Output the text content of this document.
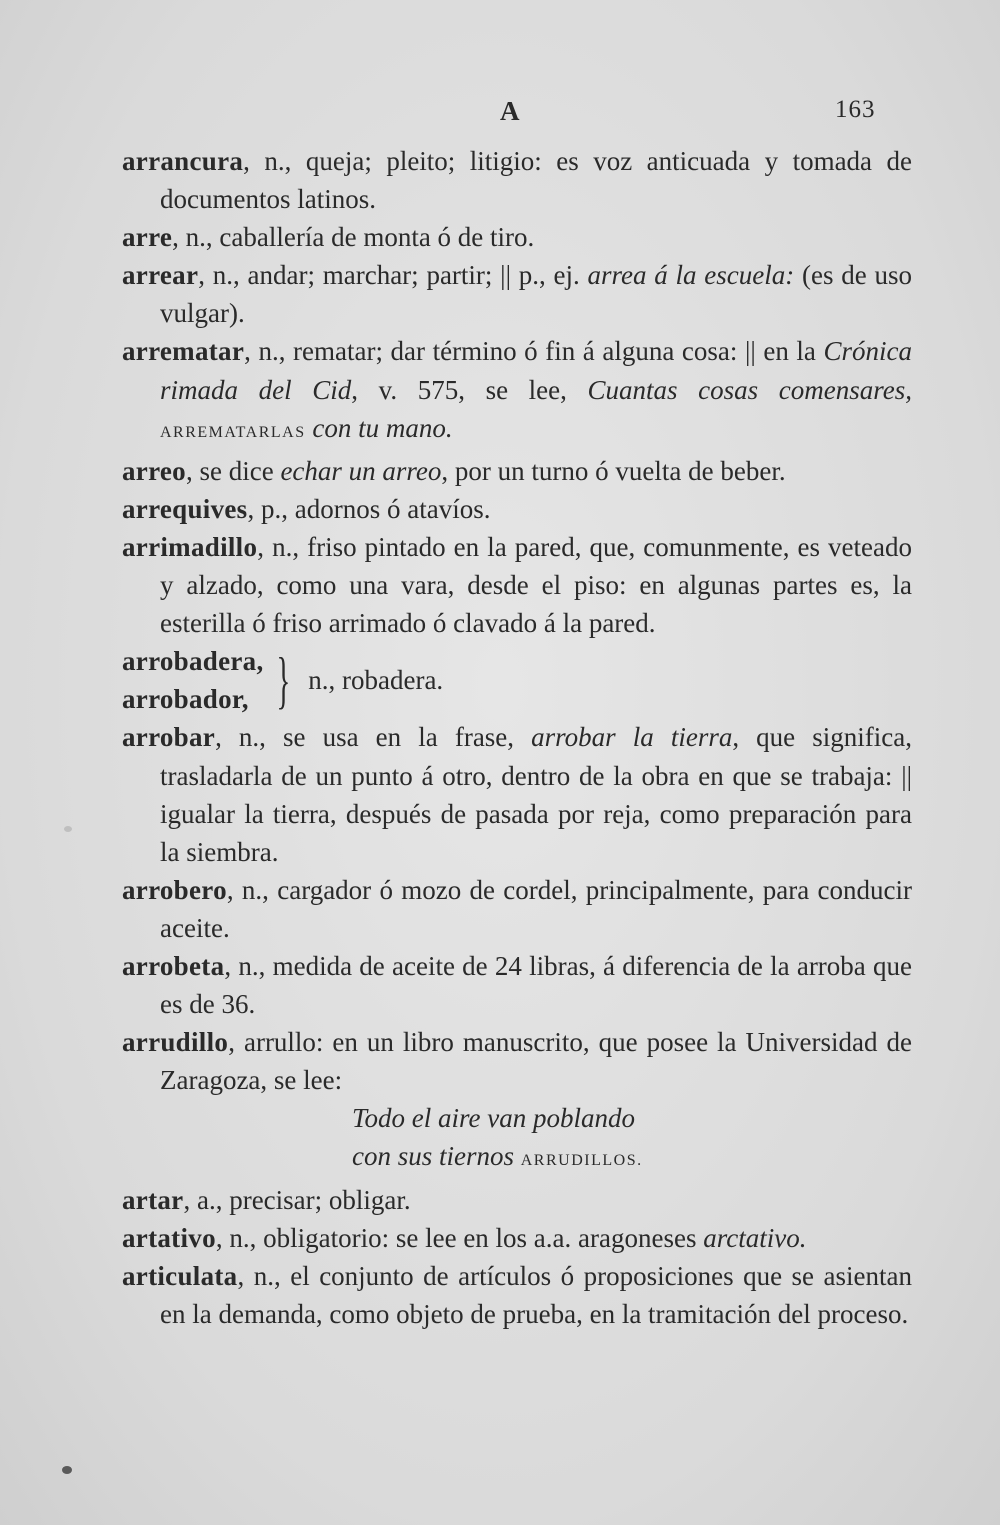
A	163
arrancura, n., queja; pleito; litigio: es voz anticuada y tomada de documentos latinos.
arre, n., caballería de monta ó de tiro.
arrear, n., andar; marchar; partir; || p., ej. arrea á la escuela: (es de uso vulgar).
arrematar, n., rematar; dar término ó fin á alguna cosa: || en la Crónica rimada del Cid, v. 575, se lee, Cuantas cosas comensares, ARREMATARLAS con tu mano.
arreo, se dice echar un arreo, por un turno ó vuelta de beber.
arrequives, p., adornos ó atavíos.
arrimadillo, n., friso pintado en la pared, que, comunmente, es veteado y alzado, como una vara, desde el piso: en algunas partes es, la esterilla ó friso arrimado ó clavado á la pared.
arrobadera,
arrobador, } n., robadera.
arrobar, n., se usa en la frase, arrobar la tierra, que significa, trasladarla de un punto á otro, dentro de la obra en que se trabaja: || igualar la tierra, después de pasada por reja, como preparación para la siembra.
arrobero, n., cargador ó mozo de cordel, principalmente, para conducir aceite.
arrobeta, n., medida de aceite de 24 libras, á diferencia de la arroba que es de 36.
arrudillo, arrullo: en un libro manuscrito, que posee la Universidad de Zaragoza, se lee:
Todo el aire van poblando
con sus tiernos ARRUDILLOS.
artar, a., precisar; obligar.
artativo, n., obligatorio: se lee en los a.a. aragoneses arctativo.
articulata, n., el conjunto de artículos ó proposiciones que se asientan en la demanda, como objeto de prueba, en la tramitación del proceso.
